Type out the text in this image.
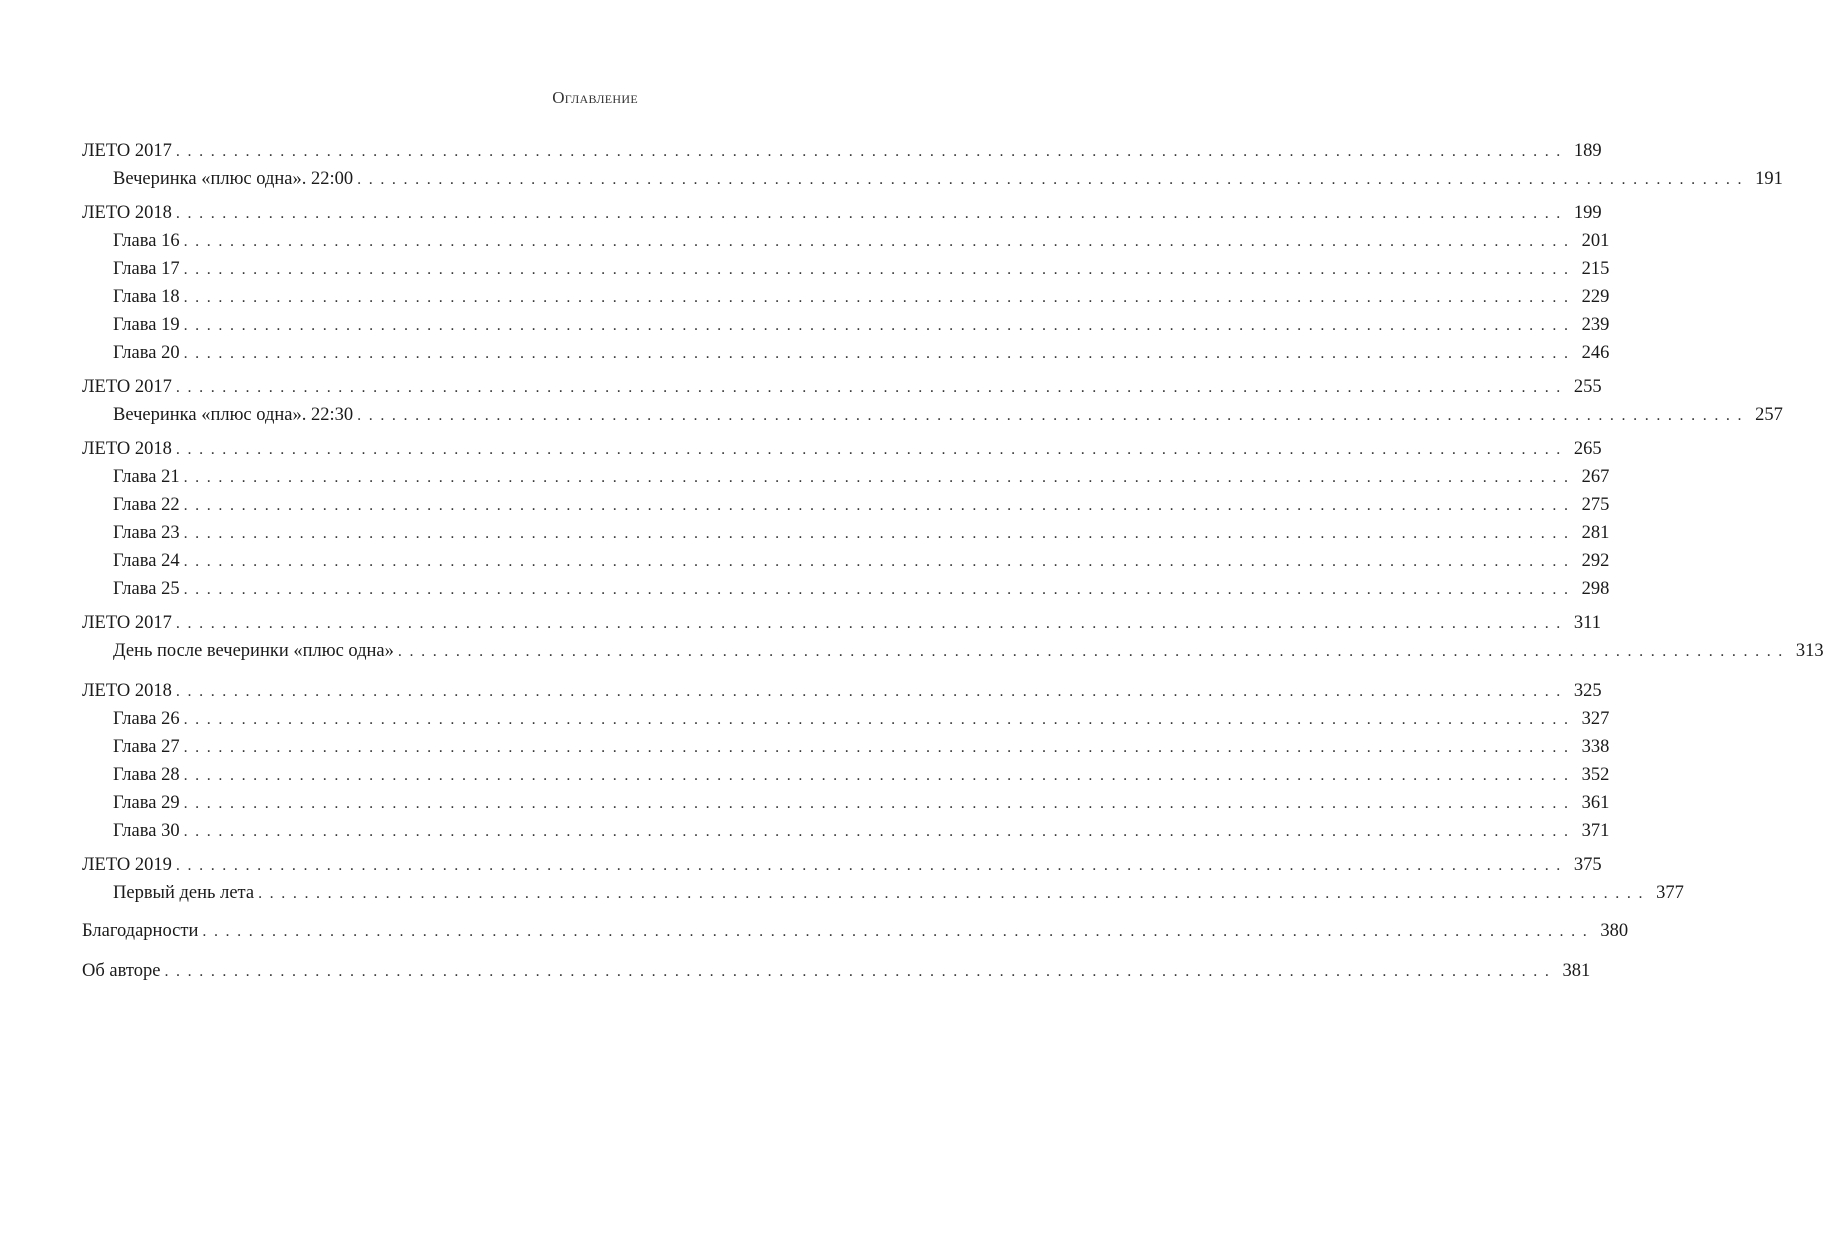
Оглавление
ЛЕТО 2017 ........................................................................................................................ 189
Вечеринка «плюс одна». 22:00 ........................................................................................................................ 191
ЛЕТО 2018 ........................................................................................................................ 199
Глава 16 ........................................................................................................................ 201
Глава 17 ........................................................................................................................ 215
Глава 18 ........................................................................................................................ 229
Глава 19 ........................................................................................................................ 239
Глава 20 ........................................................................................................................ 246
ЛЕТО 2017 ........................................................................................................................ 255
Вечеринка «плюс одна». 22:30 ........................................................................................................................ 257
ЛЕТО 2018 ........................................................................................................................ 265
Глава 21 ........................................................................................................................ 267
Глава 22 ........................................................................................................................ 275
Глава 23 ........................................................................................................................ 281
Глава 24 ........................................................................................................................ 292
Глава 25 ........................................................................................................................ 298
ЛЕТО 2017 ........................................................................................................................ 311
День после вечеринки «плюс одна» ........................................................................................................................ 313
ЛЕТО 2018 ........................................................................................................................ 325
Глава 26 ........................................................................................................................ 327
Глава 27 ........................................................................................................................ 338
Глава 28 ........................................................................................................................ 352
Глава 29 ........................................................................................................................ 361
Глава 30 ........................................................................................................................ 371
ЛЕТО 2019 ........................................................................................................................ 375
Первый день лета ........................................................................................................................ 377
Благодарности ........................................................................................................................ 380
Об авторе ........................................................................................................................ 381
